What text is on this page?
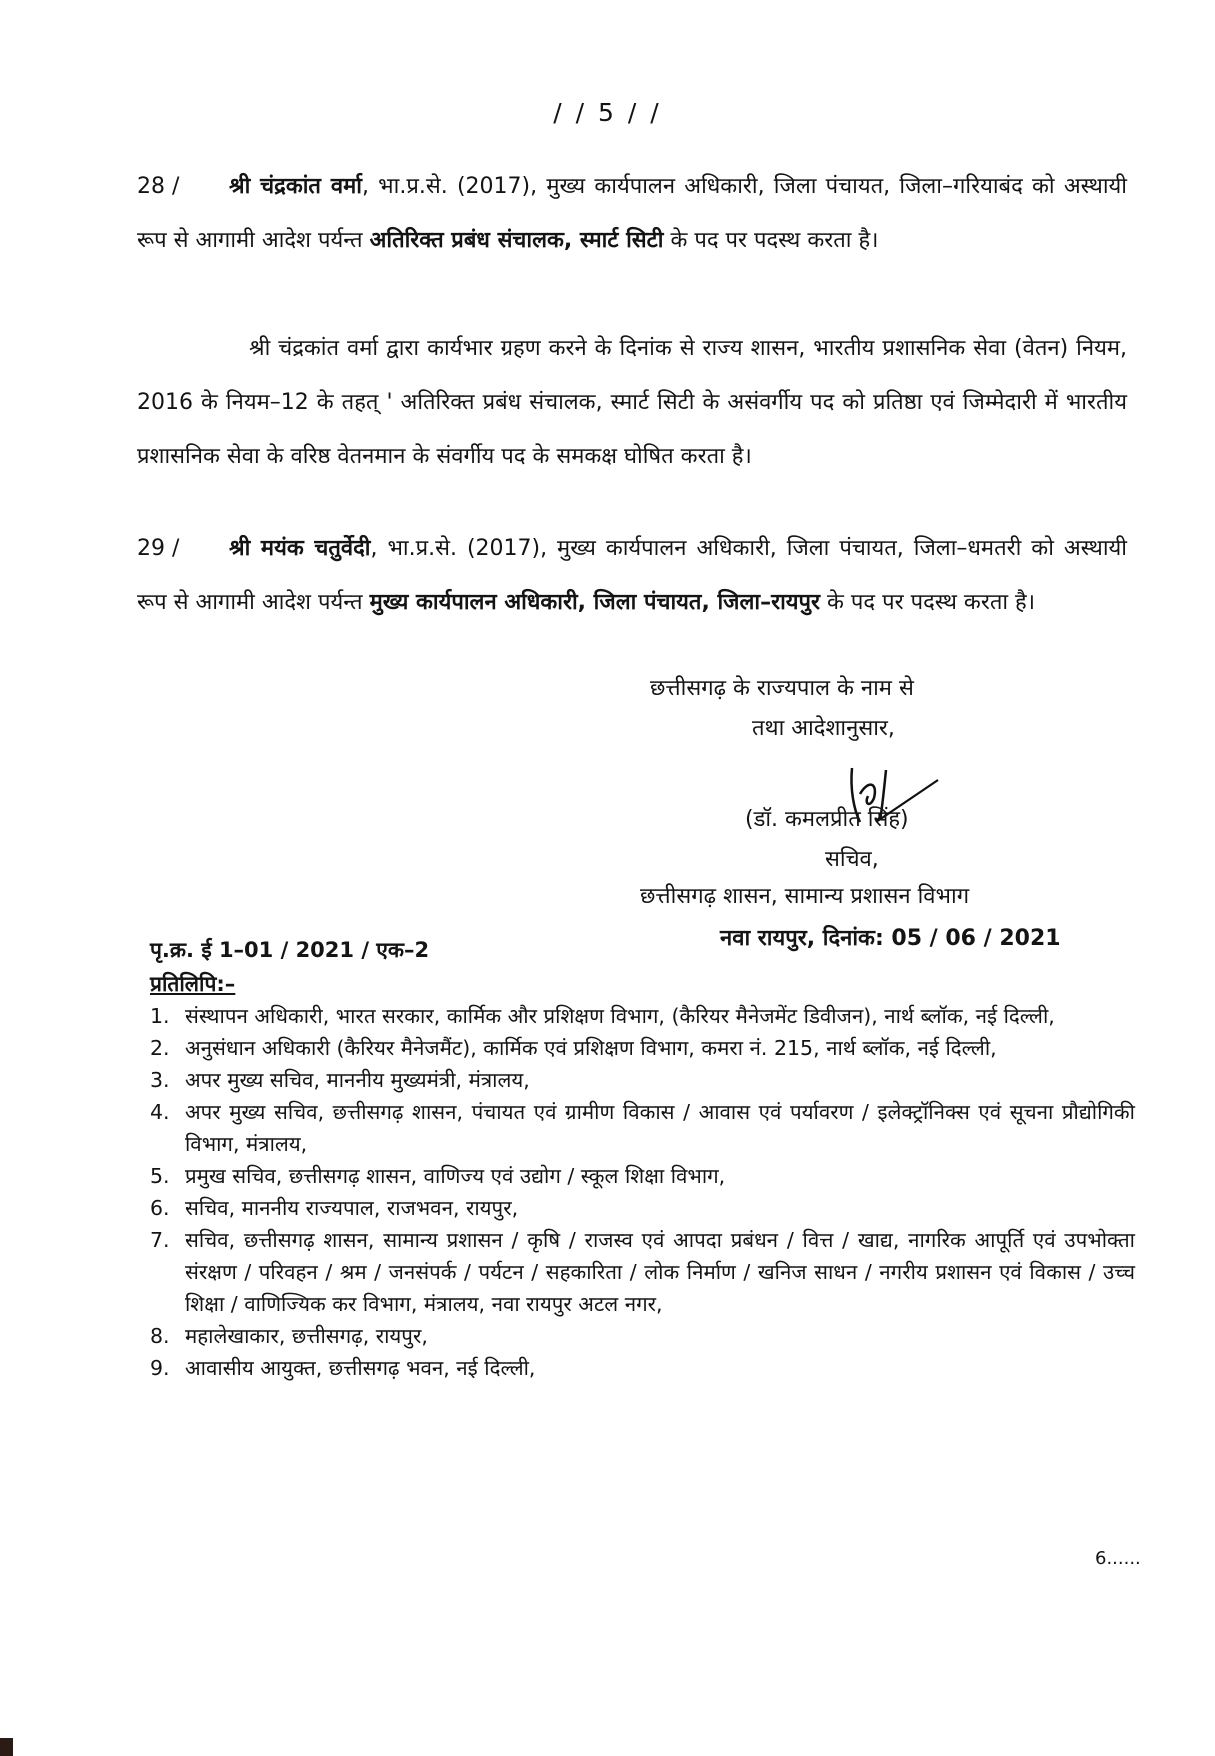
/ / 5 / /
28 / श्री चंद्रकांत वर्मा, भा.प्र.से. (2017), मुख्य कार्यपालन अधिकारी, जिला पंचायत, जिला–गरियाबंद को अस्थायी रूप से आगामी आदेश पर्यन्त अतिरिक्त प्रबंध संचालक, स्मार्ट सिटी के पद पर पदस्थ करता है।
श्री चंद्रकांत वर्मा द्वारा कार्यभार ग्रहण करने के दिनांक से राज्य शासन, भारतीय प्रशासनिक सेवा (वेतन) नियम, 2016 के नियम–12 के तहत् ' अतिरिक्त प्रबंध संचालक, स्मार्ट सिटी के असंवर्गीय पद को प्रतिष्ठा एवं जिम्मेदारी में भारतीय प्रशासनिक सेवा के वरिष्ठ वेतनमान के संवर्गीय पद के समकक्ष घोषित करता है।
29 / श्री मयंक चतुर्वेदी, भा.प्र.से. (2017), मुख्य कार्यपालन अधिकारी, जिला पंचायत, जिला–धमतरी को अस्थायी रूप से आगामी आदेश पर्यन्त मुख्य कार्यपालन अधिकारी, जिला पंचायत, जिला–रायपुर के पद पर पदस्थ करता है।
छत्तीसगढ़ के राज्यपाल के नाम से
तथा आदेशानुसार,
(डॉ. कमलप्रीत सिंह)
सचिव,
छत्तीसगढ़ शासन, सामान्य प्रशासन विभाग
नवा रायपुर, दिनांक: 05 / 06 / 2021
पृ.क्र. ई 1–01 / 2021 / एक–2
प्रतिलिपि:–
1. संस्थापन अधिकारी, भारत सरकार, कार्मिक और प्रशिक्षण विभाग, (कैरियर मैनेजमेंट डिवीजन), नार्थ ब्लॉक, नई दिल्ली,
2. अनुसंधान अधिकारी (कैरियर मैनेजमैंट), कार्मिक एवं प्रशिक्षण विभाग, कमरा नं. 215, नार्थ ब्लॉक, नई दिल्ली,
3. अपर मुख्य सचिव, माननीय मुख्यमंत्री, मंत्रालय,
4. अपर मुख्य सचिव, छत्तीसगढ़ शासन, पंचायत एवं ग्रामीण विकास / आवास एवं पर्यावरण / इलेक्ट्रॉनिक्स एवं सूचना प्रौद्योगिकी विभाग, मंत्रालय,
5. प्रमुख सचिव, छत्तीसगढ़ शासन, वाणिज्य एवं उद्योग / स्कूल शिक्षा विभाग,
6. सचिव, माननीय राज्यपाल, राजभवन, रायपुर,
7. सचिव, छत्तीसगढ़ शासन, सामान्य प्रशासन / कृषि / राजस्व एवं आपदा प्रबंधन / वित्त / खाद्य, नागरिक आपूर्ति एवं उपभोक्ता संरक्षण / परिवहन / श्रम / जनसंपर्क / पर्यटन / सहकारिता / लोक निर्माण / खनिज साधन / नगरीय प्रशासन एवं विकास / उच्च शिक्षा / वाणिज्यिक कर विभाग, मंत्रालय, नवा रायपुर अटल नगर,
8. महालेखाकार, छत्तीसगढ़, रायपुर,
9. आवासीय आयुक्त, छत्तीसगढ़ भवन, नई दिल्ली,
6......
